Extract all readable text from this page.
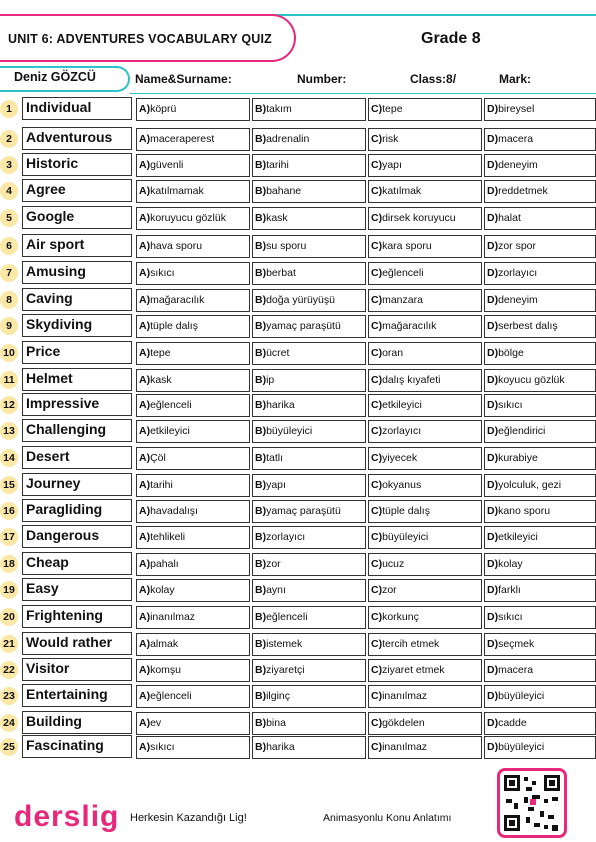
UNIT 6: ADVENTURES VOCABULARY QUIZ	Grade 8
Deniz GÖZCÜ	Name&Surname:	Number:	Class:8/	Mark:
1	Individual	A)köprü	B)takım	C)tepe	D)bireysel
2	Adventurous	A)maceraperest	B)adrenalin	C)risk	D)macera
3	Historic	A)güvenli	B)tarihi	C)yapı	D)deneyim
4	Agree	A)katılmamak	B)bahane	C)katılmak	D)reddetmek
5	Google	A)koruyucu gözlük	B)kask	C)dirsek koruyucu	D)halat
6	Air sport	A)hava sporu	B)su sporu	C)kara sporu	D)zor spor
7	Amusing	A)sıkıcı	B)berbat	C)eğlenceli	D)zorlayıcı
8	Caving	A)mağaracılık	B)doğa yürüyüşü	C)manzara	D)deneyim
9	Skydiving	A)tüple dalış	B)yamaç paraşütü	C)mağaracılık	D)serbest dalış
10 Price	A)tepe	B)ücret	C)oran	D)bölge
11 Helmet	A)kask	B)ip	C)dalış kıyafeti	D)koyucu gözlük
12 Impressive	A)eğlenceli	B)harika	C)etkileyici	D)sıkıcı
13 Challenging	A)etkileyici	B)büyüleyici	C)zorlayıcı	D)eğlendirici
14 Desert	A)Çöl	B)tatlı	C)yiyecek	D)kurabiye
15 Journey	A)tarihi	B)yapı	C)okyanus	D)yolculuk, gezi
16 Paragliding	A)havadalışı	B)yamaç paraşütü	C)tüple dalış	D)kano sporu
17 Dangerous	A)tehlikeli	B)zorlayıcı	C)büyüleyici	D)etkileyici
18 Cheap	A)pahalı	B)zor	C)ucuz	D)kolay
19 Easy	A)kolay	B)aynı	C)zor	D)farklı
20 Frightening	A)inanılmaz	B)eğlenceli	C)korkunç	D)sıkıcı
21 Would rather	A)almak	B)istemek	C)tercih etmek	D)seçmek
22 Visitor	A)komşu	B)ziyaretçi	C)ziyaret etmek	D)macera
23 Entertaining	A)eğlenceli	B)ilginç	C)inanılmaz	D)büyüleyici
24 Building	A)ev	B)bina	C)gökdelen	D)cadde
25 Fascinating	A)sıkıcı	B)harika	C)inanılmaz	D)büyüleyici
derslig Herkesin Kazandığı Lig!	Animasyonlu Konu Anlatımı
